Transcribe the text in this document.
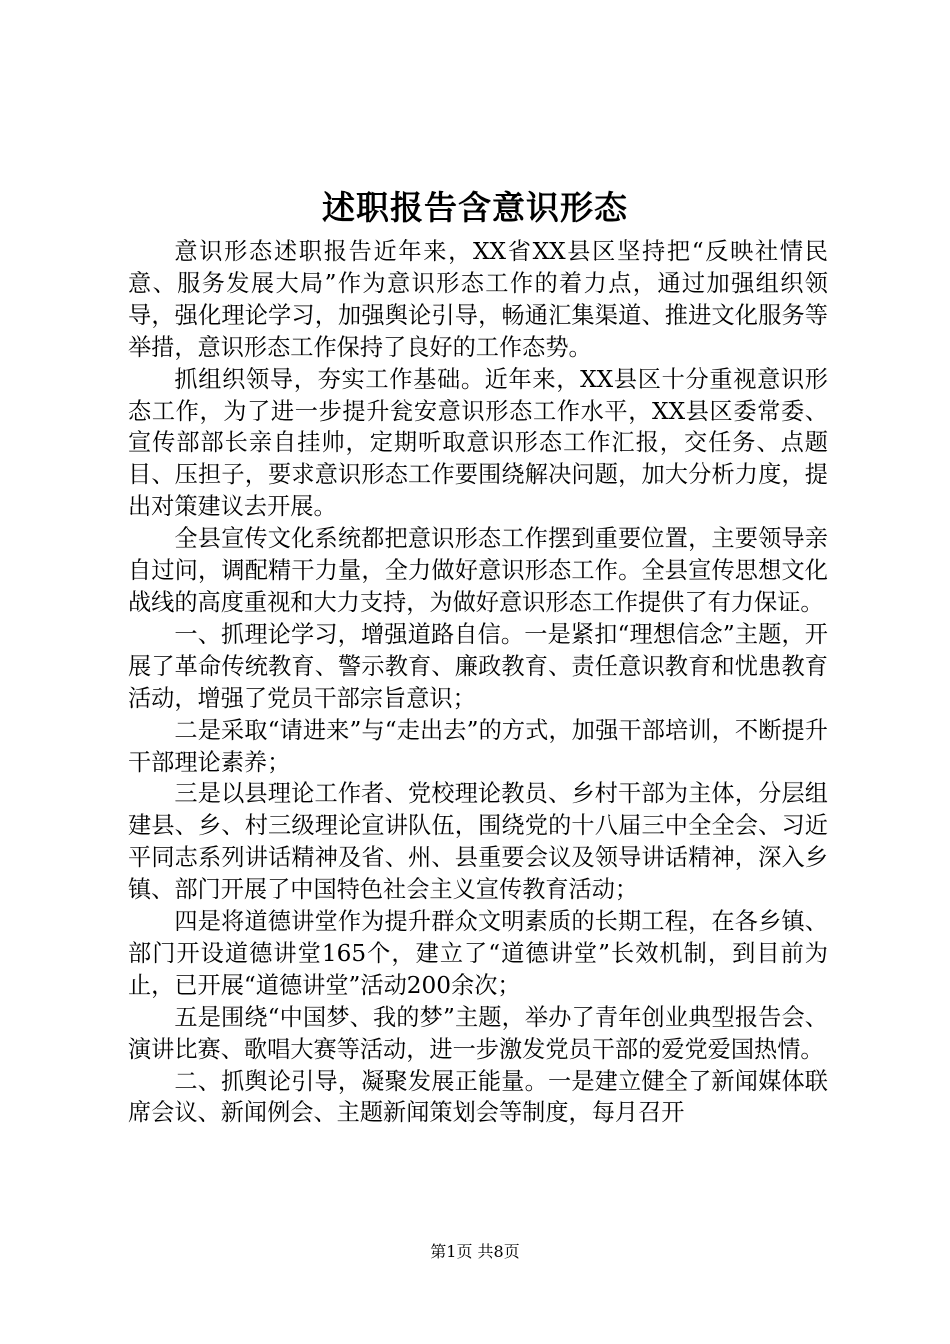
述职报告含意识形态

意识形态述职报告近年来，XX省XX县区坚持把“反映社情民意、服务发展大局”作为意识形态工作的着力点，通过加强组织领导，强化理论学习，加强舆论引导，畅通汇集渠道、推进文化服务等举措，意识形态工作保持了良好的工作态势。

抓组织领导，夯实工作基础。近年来，XX县区十分重视意识形态工作，为了进一步提升瓮安意识形态工作水平，XX县区委常委、宣传部部长亲自挂帅，定期听取意识形态工作汇报，交任务、点题目、压担子，要求意识形态工作要围绕解决问题，加大分析力度，提出对策建议去开展。

全县宣传文化系统都把意识形态工作摆到重要位置，主要领导亲自过问，调配精干力量，全力做好意识形态工作。全县宣传思想文化战线的高度重视和大力支持，为做好意识形态工作提供了有力保证。

一、抓理论学习，增强道路自信。一是紧扣“理想信念”主题，开展了革命传统教育、警示教育、廉政教育、责任意识教育和忧患教育活动，增强了党员干部宗旨意识；

二是采取“请进来”与“走出去”的方式，加强干部培训，不断提升干部理论素养；

三是以县理论工作者、党校理论教员、乡村干部为主体，分层组建县、乡、村三级理论宣讲队伍，围绕党的十八届三中全全会、习近平同志系列讲话精神及省、州、县重要会议及领导讲话精神，深入乡镇、部门开展了中国特色社会主义宣传教育活动；

四是将道德讲堂作为提升群众文明素质的长期工程，在各乡镇、部门开设道德讲堂165个，建立了“道德讲堂”长效机制，到目前为止，已开展“道德讲堂”活动200余次；

五是围绕“中国梦、我的梦”主题，举办了青年创业典型报告会、演讲比赛、歌唱大赛等活动，进一步激发党员干部的爱党爱国热情。

二、抓舆论引导，凝聚发展正能量。一是建立健全了新闻媒体联席会议、新闻例会、主题新闻策划会等制度，每月召开

第1页 共8页
